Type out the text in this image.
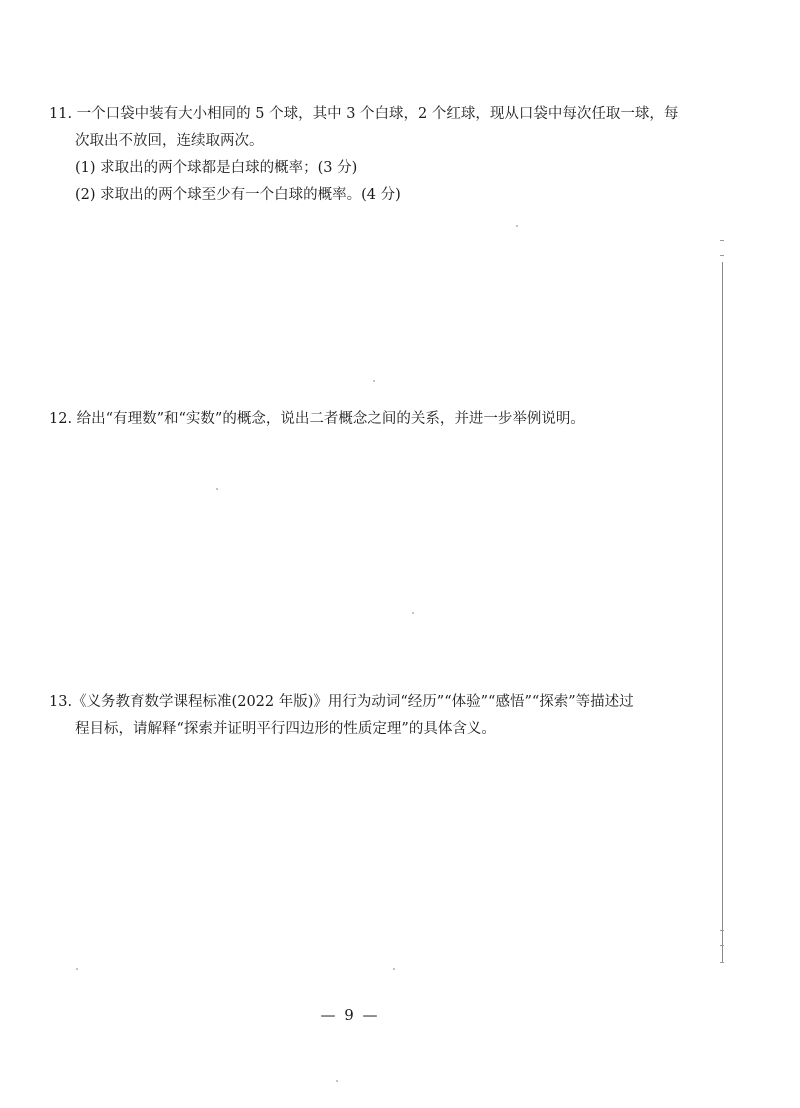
11. 一个口袋中装有大小相同的 5 个球，其中 3 个白球，2 个红球，现从口袋中每次任取一球，每
次取出不放回，连续取两次。
(1) 求取出的两个球都是白球的概率；(3 分)
(2) 求取出的两个球至少有一个白球的概率。(4 分)
12. 给出“有理数”和“实数”的概念，说出二者概念之间的关系，并进一步举例说明。
13.《义务教育数学课程标准(2022 年版)》用行为动词“经历”“体验”“感悟”“探索”等描述过
程目标，请解释“探索并证明平行四边形的性质定理”的具体含义。
— 9 —
